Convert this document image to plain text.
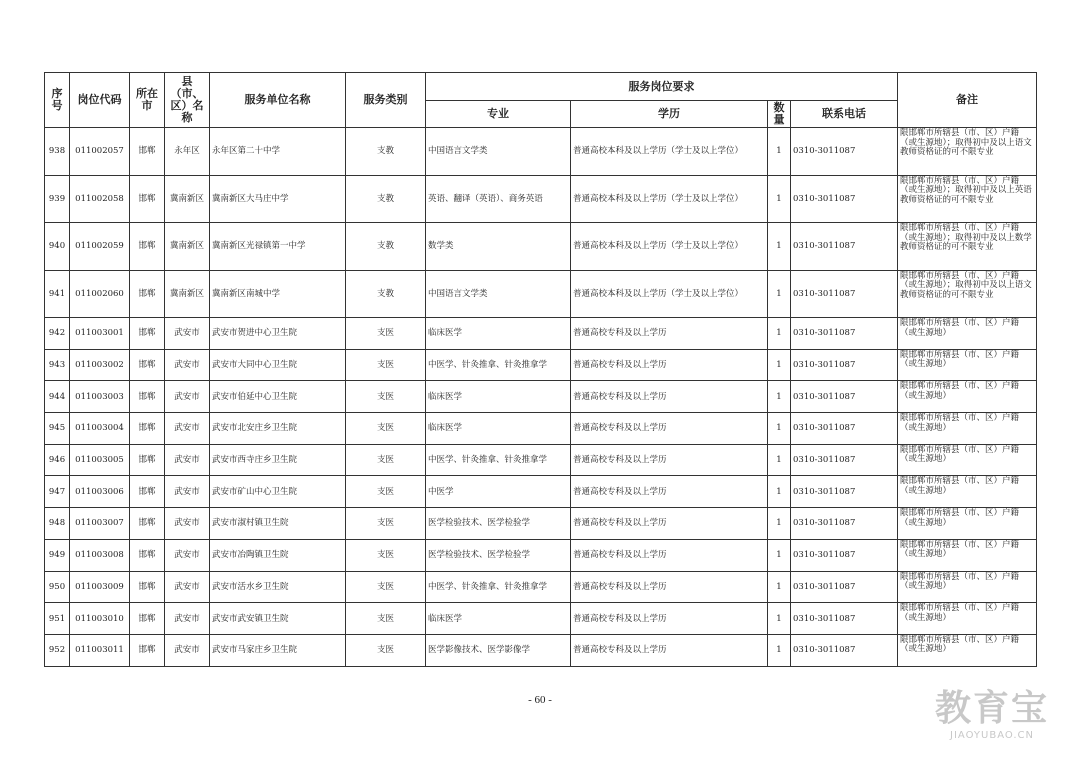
序号	岗位代码	所在市	县（市、区）名称	服务单位名称	服务类别	服务岗位要求				备注
						专业	学历	数量	联系电话	
938	011002057	邯郸	永年区	永年区第二十中学	支教	中国语言文学类	普通高校本科及以上学历（学士及以上学位）	1	0310-3011087	限邯郸市所辖县（市、区）户籍（或生源地）；取得初中及以上语文教师资格证的可不限专业
939	011002058	邯郸	冀南新区	冀南新区大马庄中学	支教	英语、翻译（英语）、商务英语	普通高校本科及以上学历（学士及以上学位）	1	0310-3011087	限邯郸市所辖县（市、区）户籍（或生源地）；取得初中及以上英语教师资格证的可不限专业
940	011002059	邯郸	冀南新区	冀南新区光禄镇第一中学	支教	数学类	普通高校本科及以上学历（学士及以上学位）	1	0310-3011087	限邯郸市所辖县（市、区）户籍（或生源地）；取得初中及以上数学教师资格证的可不限专业
941	011002060	邯郸	冀南新区	冀南新区南城中学	支教	中国语言文学类	普通高校本科及以上学历（学士及以上学位）	1	0310-3011087	限邯郸市所辖县（市、区）户籍（或生源地）；取得初中及以上语文教师资格证的可不限专业
942	011003001	邯郸	武安市	武安市贺进中心卫生院	支医	临床医学	普通高校专科及以上学历	1	0310-3011087	限邯郸市所辖县（市、区）户籍（或生源地）
943	011003002	邯郸	武安市	武安市大同中心卫生院	支医	中医学、针灸推拿、针灸推拿学	普通高校专科及以上学历	1	0310-3011087	限邯郸市所辖县（市、区）户籍（或生源地）
944	011003003	邯郸	武安市	武安市伯延中心卫生院	支医	临床医学	普通高校专科及以上学历	1	0310-3011087	限邯郸市所辖县（市、区）户籍（或生源地）
945	011003004	邯郸	武安市	武安市北安庄乡卫生院	支医	临床医学	普通高校专科及以上学历	1	0310-3011087	限邯郸市所辖县（市、区）户籍（或生源地）
946	011003005	邯郸	武安市	武安市西寺庄乡卫生院	支医	中医学、针灸推拿、针灸推拿学	普通高校专科及以上学历	1	0310-3011087	限邯郸市所辖县（市、区）户籍（或生源地）
947	011003006	邯郸	武安市	武安市矿山中心卫生院	支医	中医学	普通高校专科及以上学历	1	0310-3011087	限邯郸市所辖县（市、区）户籍（或生源地）
948	011003007	邯郸	武安市	武安市淑村镇卫生院	支医	医学检验技术、医学检验学	普通高校专科及以上学历	1	0310-3011087	限邯郸市所辖县（市、区）户籍（或生源地）
949	011003008	邯郸	武安市	武安市冶陶镇卫生院	支医	医学检验技术、医学检验学	普通高校专科及以上学历	1	0310-3011087	限邯郸市所辖县（市、区）户籍（或生源地）
950	011003009	邯郸	武安市	武安市活水乡卫生院	支医	中医学、针灸推拿、针灸推拿学	普通高校专科及以上学历	1	0310-3011087	限邯郸市所辖县（市、区）户籍（或生源地）
951	011003010	邯郸	武安市	武安市武安镇卫生院	支医	临床医学	普通高校专科及以上学历	1	0310-3011087	限邯郸市所辖县（市、区）户籍（或生源地）
952	011003011	邯郸	武安市	武安市马家庄乡卫生院	支医	医学影像技术、医学影像学	普通高校专科及以上学历	1	0310-3011087	限邯郸市所辖县（市、区）户籍（或生源地）
- 60 -	教育宝
JIAOYUBAO.CN
